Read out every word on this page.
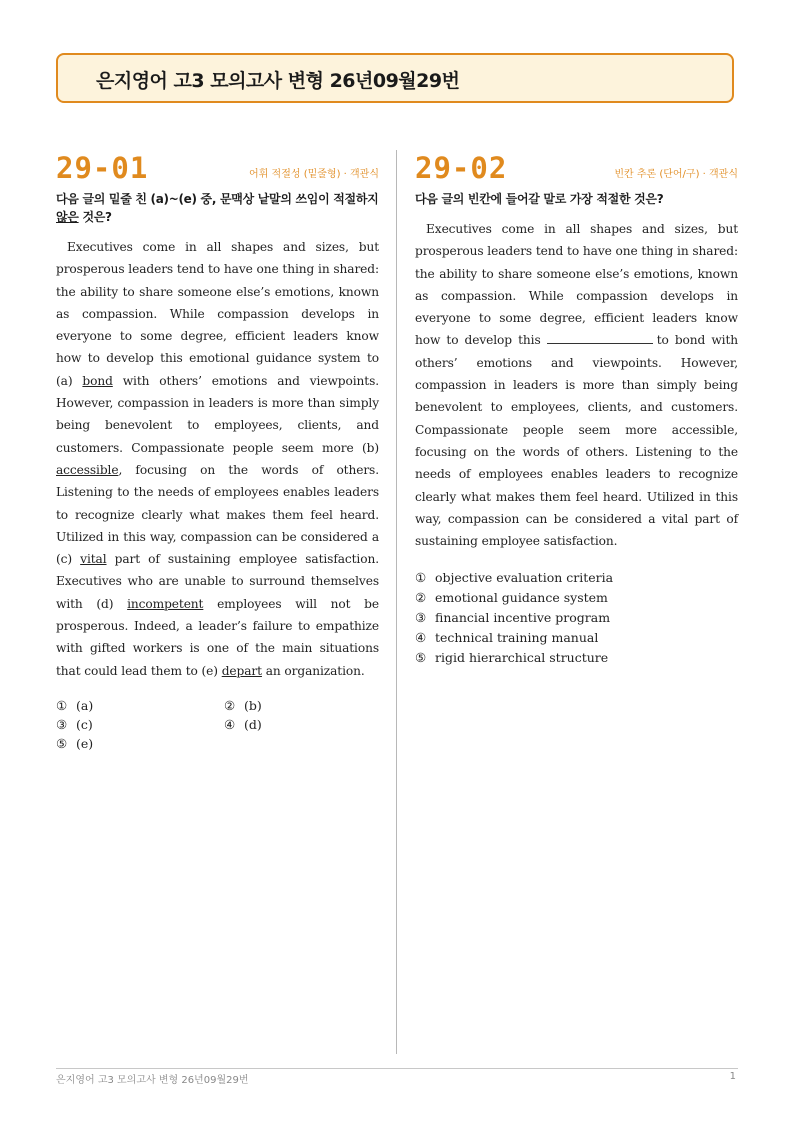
은지영어 고3 모의고사 변형 26년09월29번
29-01	어휘 적절성 (밑줄형) · 객관식
다음 글의 밑줄 친 (a)~(e) 중, 문맥상 낱말의 쓰임이 적절하지 않은 것은?
Executives come in all shapes and sizes, but prosperous leaders tend to have one thing in shared: the ability to share someone else’s emotions, known as compassion. While compassion develops in everyone to some degree, efficient leaders know how to develop this emotional guidance system to (a) bond with others’ emotions and viewpoints. However, compassion in leaders is more than simply being benevolent to employees, clients, and customers. Compassionate people seem more (b) accessible, focusing on the words of others. Listening to the needs of employees enables leaders to recognize clearly what makes them feel heard. Utilized in this way, compassion can be considered a (c) vital part of sustaining employee satisfaction. Executives who are unable to surround themselves with (d) incompetent employees will not be prosperous. Indeed, a leader’s failure to empathize with gifted workers is one of the main situations that could lead them to (e) depart an organization.
① (a)	② (b)
③ (c)	④ (d)
⑤ (e)
29-02	빈칸 추론 (단어/구) · 객관식
다음 글의 빈칸에 들어갈 말로 가장 적절한 것은?
Executives come in all shapes and sizes, but prosperous leaders tend to have one thing in shared: the ability to share someone else’s emotions, known as compassion. While compassion develops in everyone to some degree, efficient leaders know how to develop this	to bond with others’ emotions and viewpoints. However, compassion in leaders is more than simply being benevolent to employees, clients, and customers. Compassionate people seem more accessible, focusing on the words of others. Listening to the needs of employees enables leaders to recognize clearly what makes them feel heard. Utilized in this way, compassion can be considered a vital part of sustaining employee satisfaction.
① objective evaluation criteria
② emotional guidance system
③ financial incentive program
④ technical training manual
⑤ rigid hierarchical structure
은지영어 고3 모의고사 변형 26년09월29번	1
